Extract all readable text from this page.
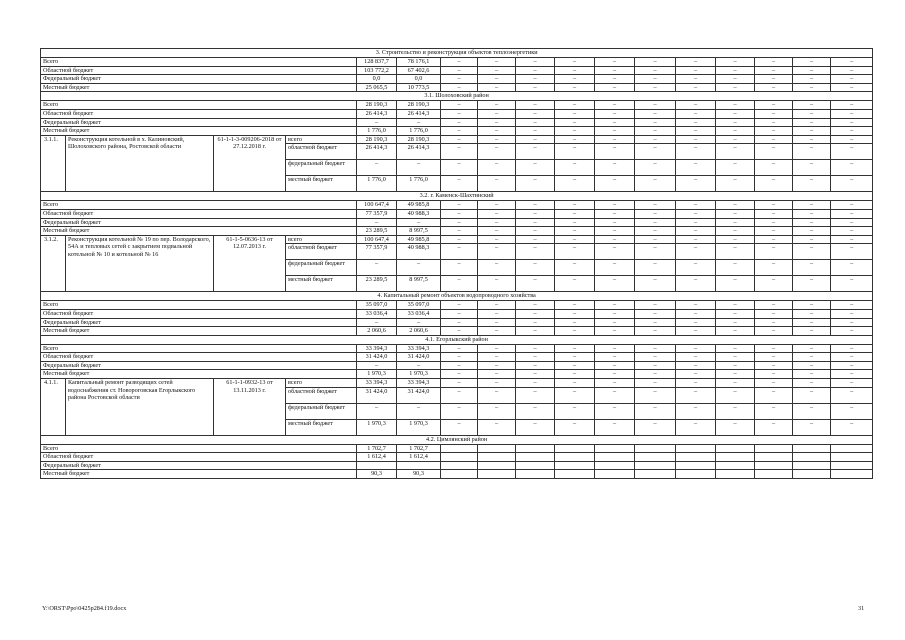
3. Строительство и реконструкция объектов теплоэнергетики																
Всего				128 837,7	78 176,1	–	–	–	–	–	–	–	–	–	–	–
Областной бюджет				103 772,2	67 402,6	–	–	–	–	–	–	–	–	–	–	–
Федеральный бюджет				0,0	0,0	–	–	–	–	–	–	–	–	–	–	–
Местный бюджет				25 065,5	10 773,5	–	–	–	–	–	–	–	–	–	–	–
3.1. Шолоховский район																
Всего				28 190,3	28 190,3	–	–	–	–	–	–	–	–	–	–	–
Областной бюджет				26 414,3	26 414,3	–	–	–	–	–	–	–	–	–	–	–
Федеральный бюджет				–	–	–	–	–	–	–	–	–	–	–	–	–
Местный бюджет				1 776,0	1 776,0	–	–	–	–	–	–	–	–	–	–	–
3.1.1.	Реконструкция котельной в х. Калиновский, Шолоховского района, Ростовской области	61-1-1-3-009206-2018 от 27.12.2018 г.	всего	28 190,3	28 190,3	–	–	–	–	–	–	–	–	–	–	–
			областной бюджет	26 414,3	26 414,3	–	–	–	–	–	–	–	–	–	–	–
			федеральный бюджет	–	–	–	–	–	–	–	–	–	–	–	–	–
			местный бюджет	1 776,0	1 776,0	–	–	–	–	–	–	–	–	–	–	–
3.2. г. Каменск-Шахтинский																
Всего				100 647,4	49 985,8	–	–	–	–	–	–	–	–	–	–	–
Областной бюджет				77 357,9	40 988,3	–	–	–	–	–	–	–	–	–	–	–
Федеральный бюджет				–	–	–	–	–	–	–	–	–	–	–	–	–
Местный бюджет				23 289,5	8 997,5	–	–	–	–	–	–	–	–	–	–	–
3.1.2.	Реконструкция котельной № 19 по пер. Володарского, 54А и тепловых сетей с закрытием подвальной котельной № 10 и котельной № 16	61-1-5-0636-13 от 12.07.2013 г.	всего	100 647,4	49 985,8	–	–	–	–	–	–	–	–	–	–	–
			областной бюджет	77 357,9	40 988,3	–	–	–	–	–	–	–	–	–	–	–
			федеральный бюджет	–	–	–	–	–	–	–	–	–	–	–	–	–
			местный бюджет	23 289,5	8 997,5	–	–	–	–	–	–	–	–	–	–	–
4. Капитальный ремонт объектов водопроводного хозяйства																
Всего				35 097,0	35 097,0	–	–	–	–	–	–	–	–	–	–	–
Областной бюджет				33 036,4	33 036,4	–	–	–	–	–	–	–	–	–	–	–
Федеральный бюджет				–	–	–	–	–	–	–	–	–	–	–	–	–
Местный бюджет				2 060,6	2 060,6	–	–	–	–	–	–	–	–	–	–	–
4.1. Егорлыкский район																
Всего				33 394,3	33 394,3	–	–	–	–	–	–	–	–	–	–	–
Областной бюджет				31 424,0	31 424,0	–	–	–	–	–	–	–	–	–	–	–
Федеральный бюджет				–	–	–	–	–	–	–	–	–	–	–	–	–
Местный бюджет				1 970,3	1 970,3	–	–	–	–	–	–	–	–	–	–	–
4.1.1.	Капитальный ремонт разводящих сетей водоснабжения ст. Новороговская Егорлыкского района Ростовской области	61-1-1-0932-13 от 13.11.2013 г.	всего	33 394,3	33 394,3	–	–	–	–	–	–	–	–	–	–	–
			областной бюджет	31 424,0	31 424,0	–	–	–	–	–	–	–	–	–	–	–
			федеральный бюджет	–	–	–	–	–	–	–	–	–	–	–	–	–
			местный бюджет	1 970,3	1 970,3	–	–	–	–	–	–	–	–	–	–	–
4.2. Цимлянский район																
Всего				1 702,7	1 702,7											
Областной бюджет				1 612,4	1 612,4											
Федеральный бюджет																
Местный бюджет				90,3	90,3											
Y:\ORST\Ppo\0425p284.f19.docx	31
